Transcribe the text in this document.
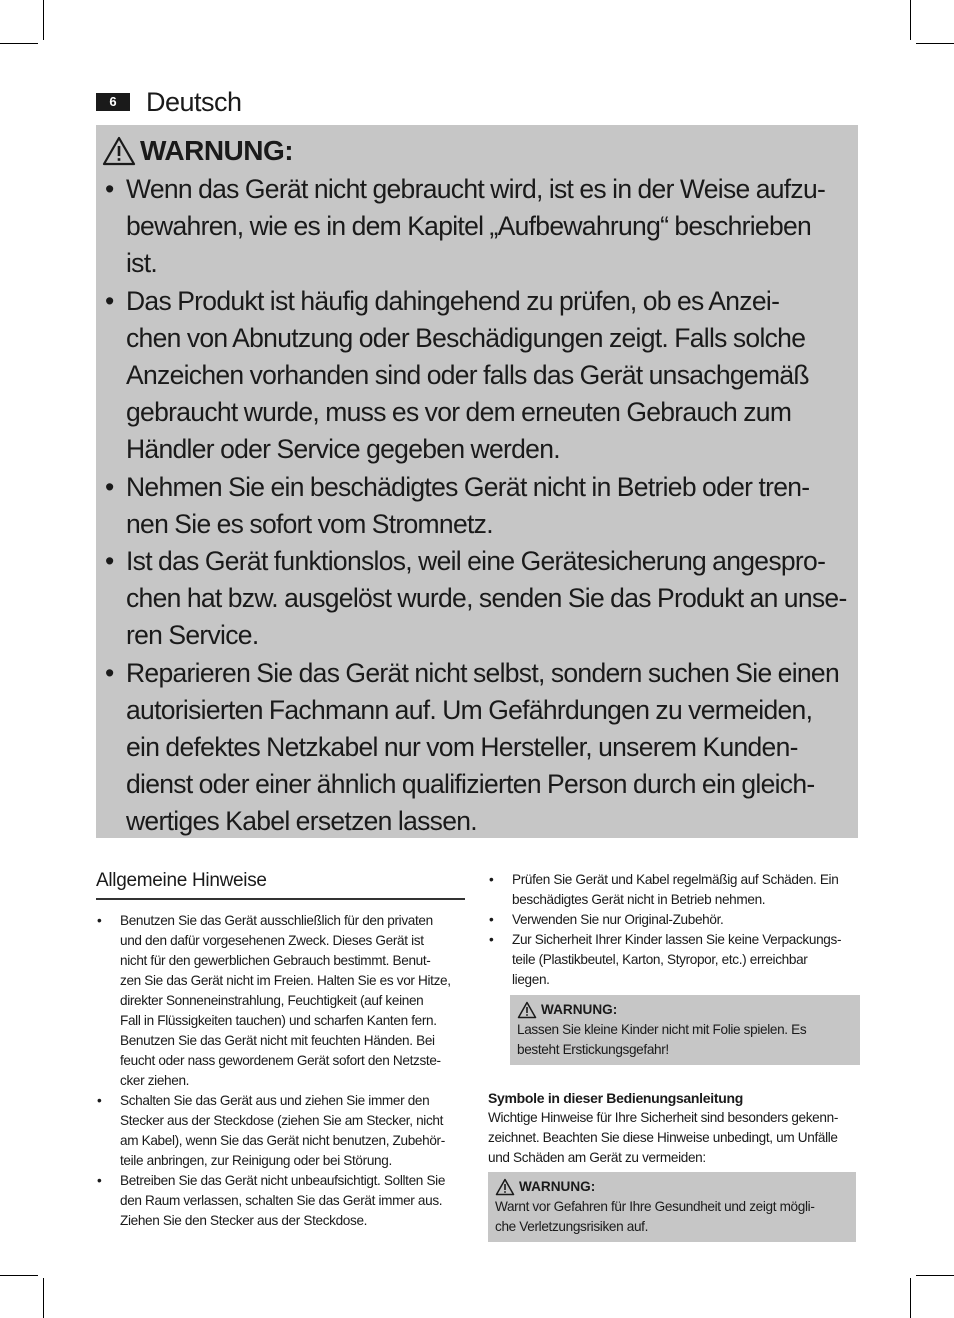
6	Deutsch
WARNUNG:
• Wenn das Gerät nicht gebraucht wird, ist es in der Weise aufzu-
bewahren, wie es in dem Kapitel „Aufbewahrung“ beschrieben
ist.
• Das Produkt ist häufig dahingehend zu prüfen, ob es Anzei-
chen von Abnutzung oder Beschädigungen zeigt. Falls solche
Anzeichen vorhanden sind oder falls das Gerät unsachgemäß
gebraucht wurde, muss es vor dem erneuten Gebrauch zum
Händler oder Service gegeben werden.
• Nehmen Sie ein beschädigtes Gerät nicht in Betrieb oder tren-
nen Sie es sofort vom Stromnetz.
• Ist das Gerät funktionslos, weil eine Gerätesicherung angespro-
chen hat bzw. ausgelöst wurde, senden Sie das Produkt an unse-
ren Service.
• Reparieren Sie das Gerät nicht selbst, sondern suchen Sie einen
autorisierten Fachmann auf. Um Gefährdungen zu vermeiden,
ein defektes Netzkabel nur vom Hersteller, unserem Kunden-
dienst oder einer ähnlich qualifizierten Person durch ein gleich-
wertiges Kabel ersetzen lassen.
Allgemeine Hinweise
• Benutzen Sie das Gerät ausschließlich für den privaten
und den dafür vorgesehenen Zweck. Dieses Gerät ist
nicht für den gewerblichen Gebrauch bestimmt. Benut-
zen Sie das Gerät nicht im Freien. Halten Sie es vor Hitze,
direkter Sonneneinstrahlung, Feuchtigkeit (auf keinen
Fall in Flüssigkeiten tauchen) und scharfen Kanten fern.
Benutzen Sie das Gerät nicht mit feuchten Händen. Bei
feucht oder nass gewordenem Gerät sofort den Netzste-
cker ziehen.
• Schalten Sie das Gerät aus und ziehen Sie immer den
Stecker aus der Steckdose (ziehen Sie am Stecker, nicht
am Kabel), wenn Sie das Gerät nicht benutzen, Zubehör-
teile anbringen, zur Reinigung oder bei Störung.
• Betreiben Sie das Gerät nicht unbeaufsichtigt. Sollten Sie
den Raum verlassen, schalten Sie das Gerät immer aus.
Ziehen Sie den Stecker aus der Steckdose.
• Prüfen Sie Gerät und Kabel regelmäßig auf Schäden. Ein
beschädigtes Gerät nicht in Betrieb nehmen.
• Verwenden Sie nur Original-Zubehör.
• Zur Sicherheit Ihrer Kinder lassen Sie keine Verpackungs-
teile (Plastikbeutel, Karton, Styropor, etc.) erreichbar
liegen.
WARNUNG:
Lassen Sie kleine Kinder nicht mit Folie spielen. Es
besteht Erstickungsgefahr!
Symbole in dieser Bedienungsanleitung
Wichtige Hinweise für Ihre Sicherheit sind besonders gekenn-
zeichnet. Beachten Sie diese Hinweise unbedingt, um Unfälle
und Schäden am Gerät zu vermeiden:
WARNUNG:
Warnt vor Gefahren für Ihre Gesundheit und zeigt mögli-
che Verletzungsrisiken auf.
